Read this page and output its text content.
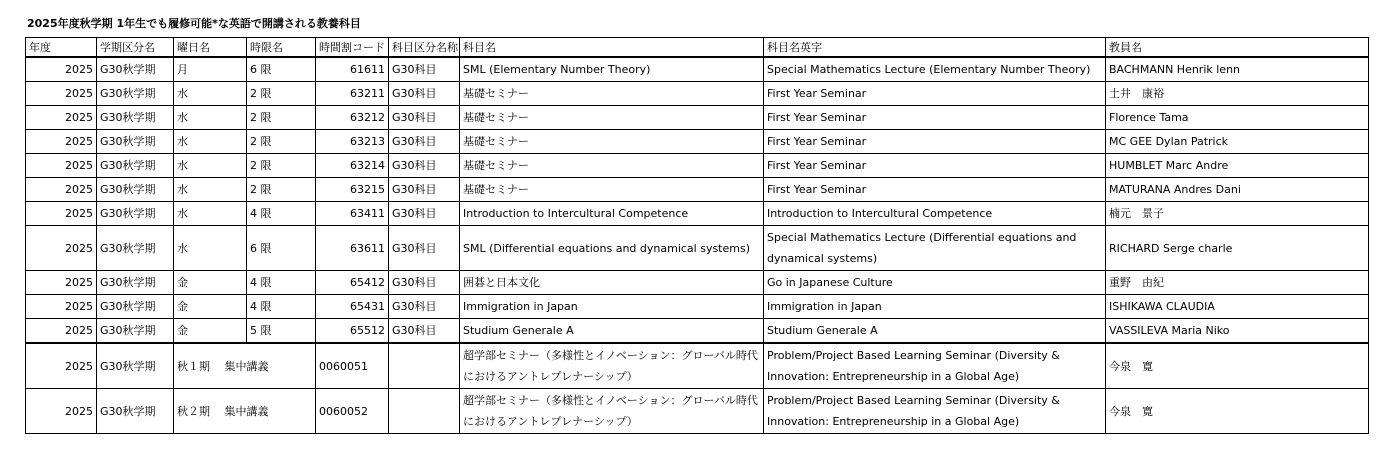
2025年度秋学期 1年生でも履修可能*な英語で開講される教養科目
年度	学期区分名	曜日名	時限名	時間割コード	科目区分名称	科目名	科目名英字	教員名

2025	G30秋学期	月	6 限	61611	G30科目	SML (Elementary Number Theory)	Special Mathematics Lecture (Elementary Number Theory)	BACHMANN Henrik lenn

2025	G30秋学期	水	2 限	63211	G30科目	基礎セミナー	First Year Seminar	土井　康裕

2025	G30秋学期	水	2 限	63212	G30科目	基礎セミナー	First Year Seminar	Florence Tama

2025	G30秋学期	水	2 限	63213	G30科目	基礎セミナー	First Year Seminar	MC GEE Dylan Patrick

2025	G30秋学期	水	2 限	63214	G30科目	基礎セミナー	First Year Seminar	HUMBLET Marc Andre

2025	G30秋学期	水	2 限	63215	G30科目	基礎セミナー	First Year Seminar	MATURANA Andres Dani

2025	G30秋学期	水	4 限	63411	G30科目	Introduction to Intercultural Competence	Introduction to Intercultural Competence	楠元　景子

2025	G30秋学期	水	6 限	63611	G30科目	SML (Differential equations and dynamical systems)	Special Mathematics Lecture (Differential equations and dynamical systems)	RICHARD Serge charle

2025	G30秋学期	金	4 限	65412	G30科目	囲碁と日本文化	Go in Japanese Culture	重野　由紀

2025	G30秋学期	金	4 限	65431	G30科目	Immigration in Japan	Immigration in Japan	ISHIKAWA CLAUDIA

2025	G30秋学期	金	5 限	65512	G30科目	Studium Generale A	Studium Generale A	VASSILEVA Maria Niko

2025	G30秋学期	秋１期　 集中講義		0060051		超学部セミナー（多様性とイノベーション：グローバル時代におけるアントレプレナーシップ）	Problem/Project Based Learning Seminar (Diversity & Innovation: Entrepreneurship in a Global Age)	今泉　寛

2025	G30秋学期	秋２期　 集中講義		0060052		超学部セミナー（多様性とイノベーション：グローバル時代におけるアントレプレナーシップ）	Problem/Project Based Learning Seminar (Diversity & Innovation: Entrepreneurship in a Global Age)	今泉　寛
